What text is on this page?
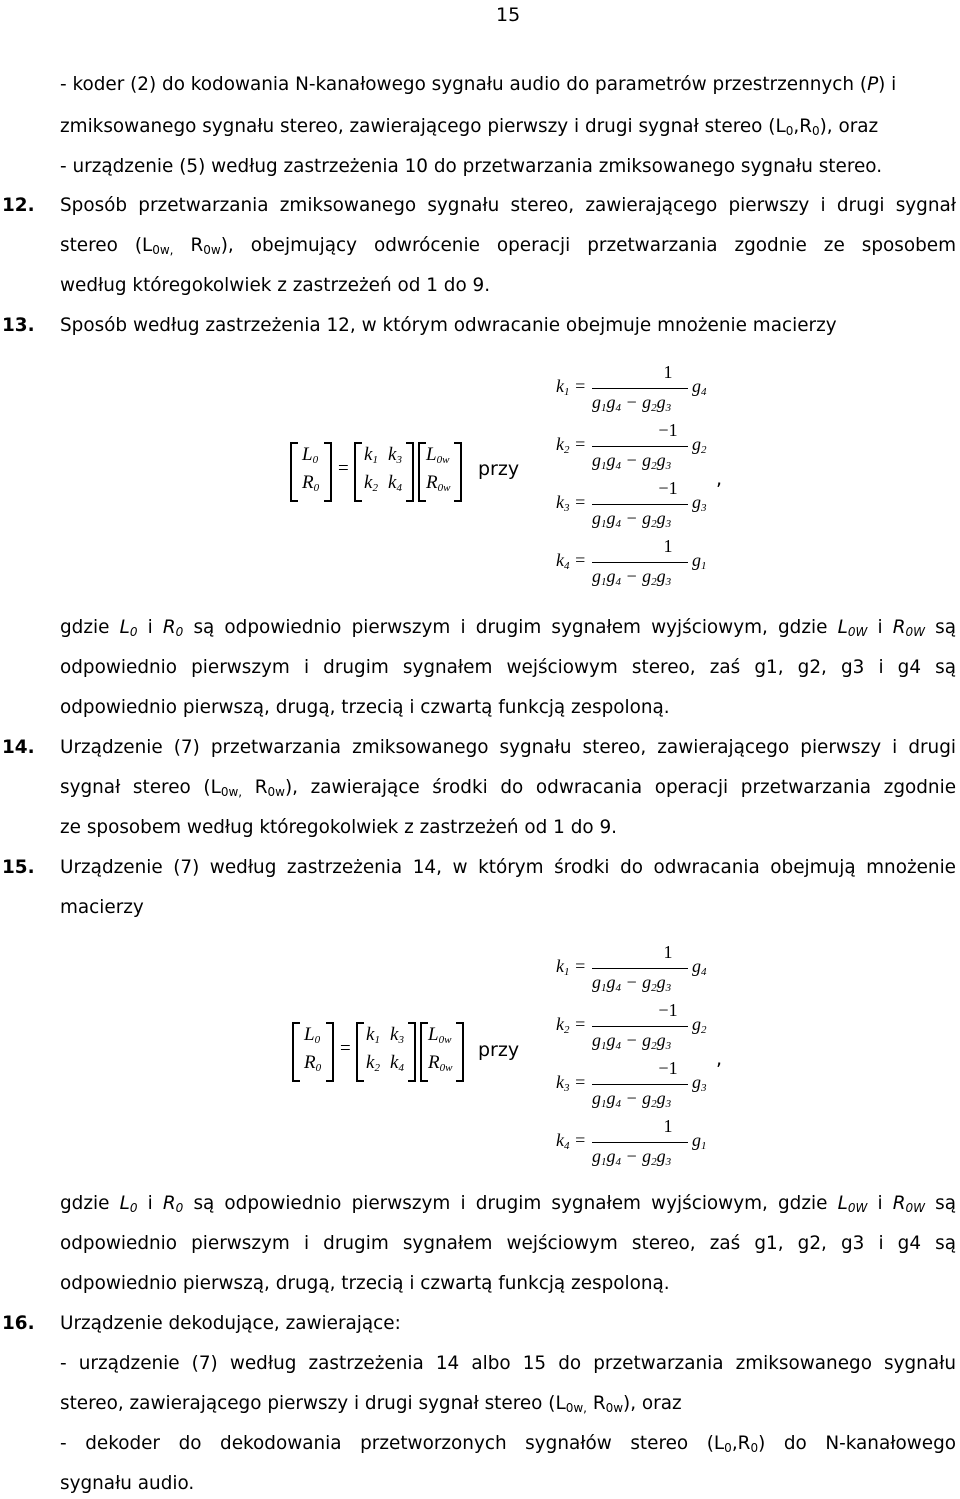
15
- koder (2) do kodowania N-kanałowego sygnału audio do parametrów przestrzennych (P) i
zmiksowanego sygnału stereo, zawierającego pierwszy i drugi sygnał stereo $(L_0,R_0)$, oraz
- urządzenie (5) według zastrzeżenia 10 do przetwarzania zmiksowanego sygnału stereo.
12. Sposób przetwarzania zmiksowanego sygnału stereo, zawierającego pierwszy i drugi sygnał
stereo ($L_{0w,}$ $R_{0w}$), obejmujący odwrócenie operacji przetwarzania zgodnie ze sposobem
według któregokolwiek z zastrzeżeń od 1 do 9.
13. Sposób według zastrzeżenia 12, w którym odwracanie obejmuje mnożenie macierzy
$L_0$
$R_0$
=
$k_1$ $k_3$
$k_2$ $k_4$
$L_{0w}$
$R_{0w}$
przy
$k_1$ =
1
$g_1g_4 - g_2g_3$
$g_4$
$k_2$ =
−1
$g_1g_4 - g_2g_3$
$g_2$
$k_3$ =
−1
$g_1g_4 - g_2g_3$
$g_3$
$k_4$ =
1
$g_1g_4 - g_2g_3$
$g_1$
,
gdzie $L_0$ i $R_0$ są odpowiednio pierwszym i drugim sygnałem wyjściowym, gdzie $L_{0W}$ i $R_{0W}$ są
odpowiednio pierwszym i drugim sygnałem wejściowym stereo, zaś g1, g2, g3 i g4 są
odpowiednio pierwszą, drugą, trzecią i czwartą funkcją zespoloną.
14. Urządzenie (7) przetwarzania zmiksowanego sygnału stereo, zawierającego pierwszy i drugi
sygnał stereo ($L_{0w,}$ $R_{0w}$), zawierające środki do odwracania operacji przetwarzania zgodnie
ze sposobem według któregokolwiek z zastrzeżeń od 1 do 9.
15. Urządzenie (7) według zastrzeżenia 14, w którym środki do odwracania obejmują mnożenie
macierzy
$L_0$
$R_0$
=
$k_1$ $k_3$
$k_2$ $k_4$
$L_{0w}$
$R_{0w}$
przy
$k_1$ =
1
$g_1g_4 - g_2g_3$
$g_4$
$k_2$ =
−1
$g_1g_4 - g_2g_3$
$g_2$
$k_3$ =
−1
$g_1g_4 - g_2g_3$
$g_3$
$k_4$ =
1
$g_1g_4 - g_2g_3$
$g_1$
,
gdzie $L_0$ i $R_0$ są odpowiednio pierwszym i drugim sygnałem wyjściowym, gdzie $L_{0W}$ i $R_{0W}$ są
odpowiednio pierwszym i drugim sygnałem wejściowym stereo, zaś g1, g2, g3 i g4 są
odpowiednio pierwszą, drugą, trzecią i czwartą funkcją zespoloną.
16. Urządzenie dekodujące, zawierające:
- urządzenie (7) według zastrzeżenia 14 albo 15 do przetwarzania zmiksowanego sygnału
stereo, zawierającego pierwszy i drugi sygnał stereo ($L_{0w,}$ $R_{0w}$), oraz
- dekoder do dekodowania przetworzonych sygnałów stereo $(L_0,R_0)$ do N-kanałowego
sygnału audio.
